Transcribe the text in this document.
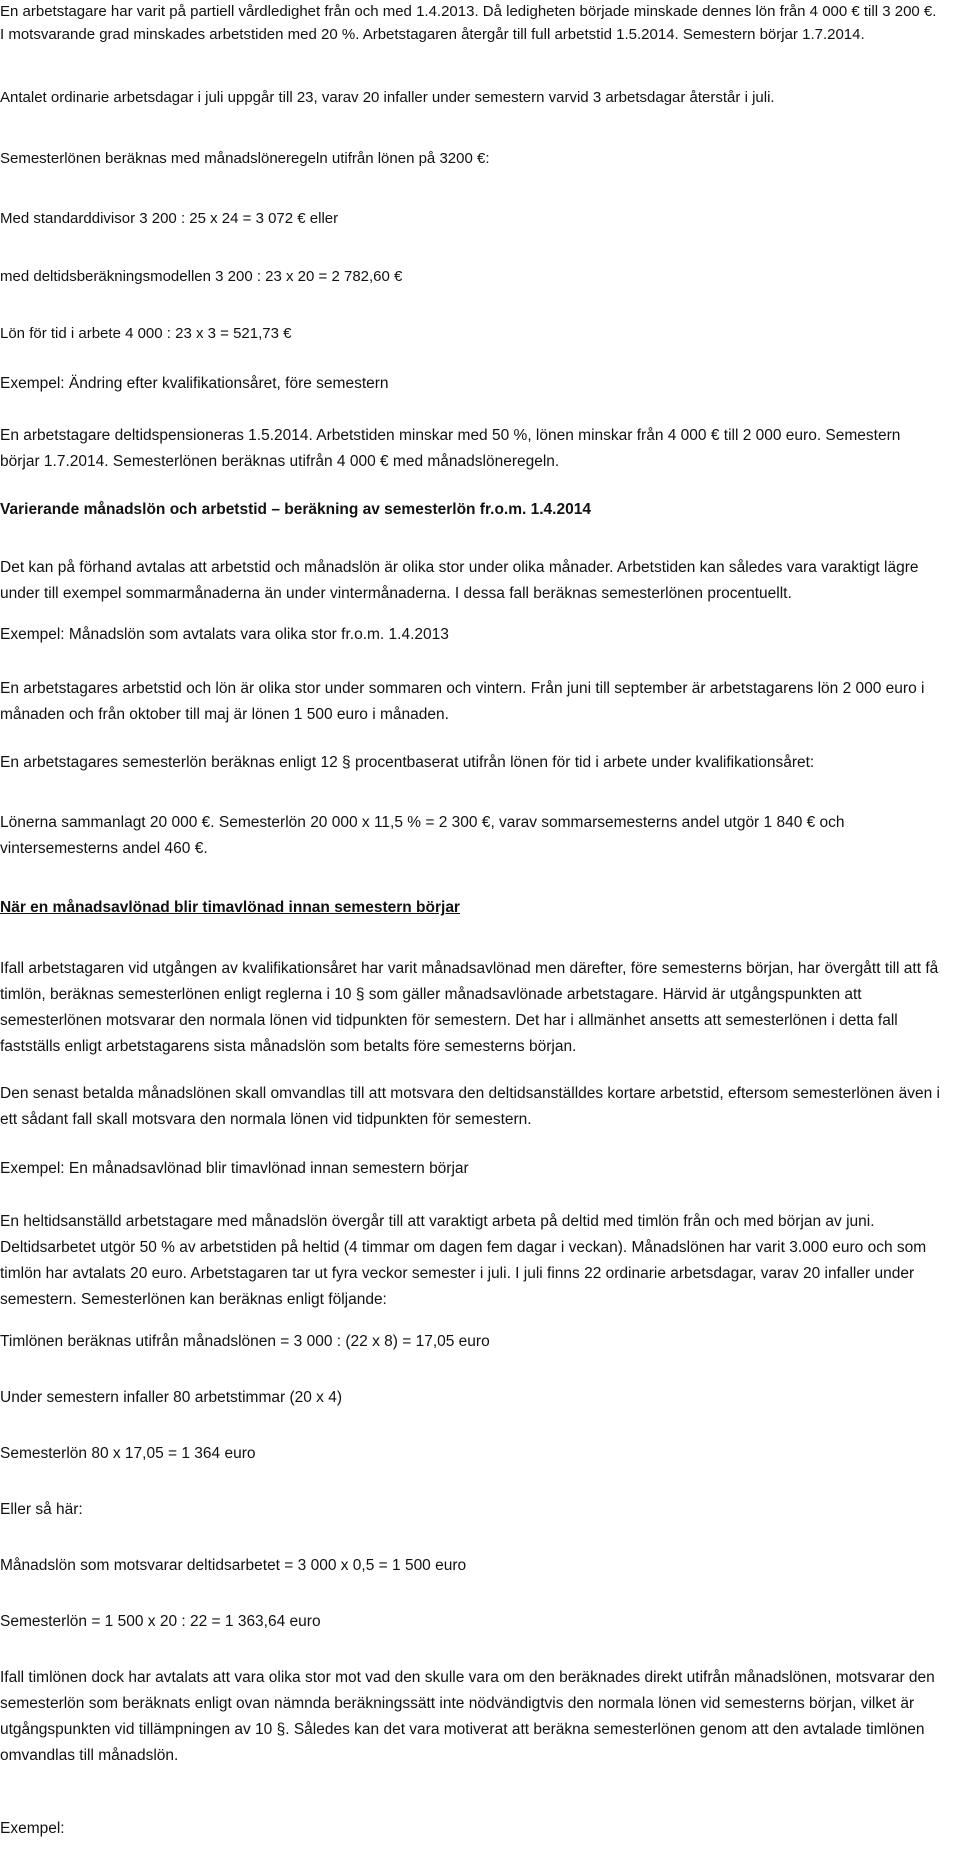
En arbetstagare har varit på partiell vårdledighet från och med 1.4.2013. Då ledigheten började minskade dennes lön från 4 000 € till 3 200 €. I motsvarande grad minskades arbetstiden med 20 %. Arbetstagaren återgår till full arbetstid 1.5.2014. Semestern börjar 1.7.2014.

Antalet ordinarie arbetsdagar i juli uppgår till 23, varav 20 infaller under semestern varvid 3 arbetsdagar återstår i juli.

Semesterlönen beräknas med månadslöneregeln utifrån lönen på 3200 €:

Med standarddivisor 3 200 : 25 x 24 = 3 072 € eller

med deltidsberäkningsmodellen 3 200 : 23 x 20 = 2 782,60 €

Lön för tid i arbete 4 000 : 23 x 3 = 521,73 €

Exempel: Ändring efter kvalifikationsåret, före semestern

En arbetstagare deltidspensioneras 1.5.2014. Arbetstiden minskar med 50 %, lönen minskar från 4 000 € till 2 000 euro. Semestern börjar 1.7.2014. Semesterlönen beräknas utifrån 4 000 € med månadslöneregeln.

Varierande månadslön och arbetstid – beräkning av semesterlön fr.o.m. 1.4.2014

Det kan på förhand avtalas att arbetstid och månadslön är olika stor under olika månader. Arbetstiden kan således vara varaktigt lägre under till exempel sommarmånaderna än under vintermånaderna. I dessa fall beräknas semesterlönen procentuellt.

Exempel: Månadslön som avtalats vara olika stor fr.o.m. 1.4.2013

En arbetstagares arbetstid och lön är olika stor under sommaren och vintern. Från juni till september är arbetstagarens lön 2 000 euro i månaden och från oktober till maj är lönen 1 500 euro i månaden.

En arbetstagares semesterlön beräknas enligt 12 § procentbaserat utifrån lönen för tid i arbete under kvalifikationsåret:

Lönerna sammanlagt 20 000 €. Semesterlön 20 000 x 11,5 % = 2 300 €, varav sommarsemesterns andel utgör 1 840 € och vintersemesterns andel 460 €.

När en månadsavlönad blir timavlönad innan semestern börjar

Ifall arbetstagaren vid utgången av kvalifikationsåret har varit månadsavlönad men därefter, före semesterns början, har övergått till att få timlön, beräknas semesterlönen enligt reglerna i 10 § som gäller månadsavlönade arbetstagare. Härvid är utgångspunkten att semesterlönen motsvarar den normala lönen vid tidpunkten för semestern. Det har i allmänhet ansetts att semesterlönen i detta fall fastställs enligt arbetstagarens sista månadslön som betalts före semesterns början.

Den senast betalda månadslönen skall omvandlas till att motsvara den deltidsanställdes kortare arbetstid, eftersom semesterlönen även i ett sådant fall skall motsvara den normala lönen vid tidpunkten för semestern.

Exempel: En månadsavlönad blir timavlönad innan semestern börjar

En heltidsanställd arbetstagare med månadslön övergår till att varaktigt arbeta på deltid med timlön från och med början av juni. Deltidsarbetet utgör 50 % av arbetstiden på heltid (4 timmar om dagen fem dagar i veckan). Månadslönen har varit 3.000 euro och som timlön har avtalats 20 euro. Arbetstagaren tar ut fyra veckor semester i juli. I juli finns 22 ordinarie arbetsdagar, varav 20 infaller under semestern. Semesterlönen kan beräknas enligt följande:

Timlönen beräknas utifrån månadslönen = 3 000 : (22 x 8) = 17,05 euro

Under semestern infaller 80 arbetstimmar (20 x 4)

Semesterlön 80 x 17,05 = 1 364 euro

Eller så här:

Månadslön som motsvarar deltidsarbetet = 3 000 x 0,5 = 1 500 euro

Semesterlön = 1 500 x 20 : 22 = 1 363,64 euro

Ifall timlönen dock har avtalats att vara olika stor mot vad den skulle vara om den beräknades direkt utifrån månadslönen, motsvarar den semesterlön som beräknats enligt ovan nämnda beräkningssätt inte nödvändigtvis den normala lönen vid semesterns början, vilket är utgångspunkten vid tillämpningen av 10 §. Således kan det vara motiverat att beräkna semesterlönen genom att den avtalade timlönen omvandlas till månadslön.

Exempel:
